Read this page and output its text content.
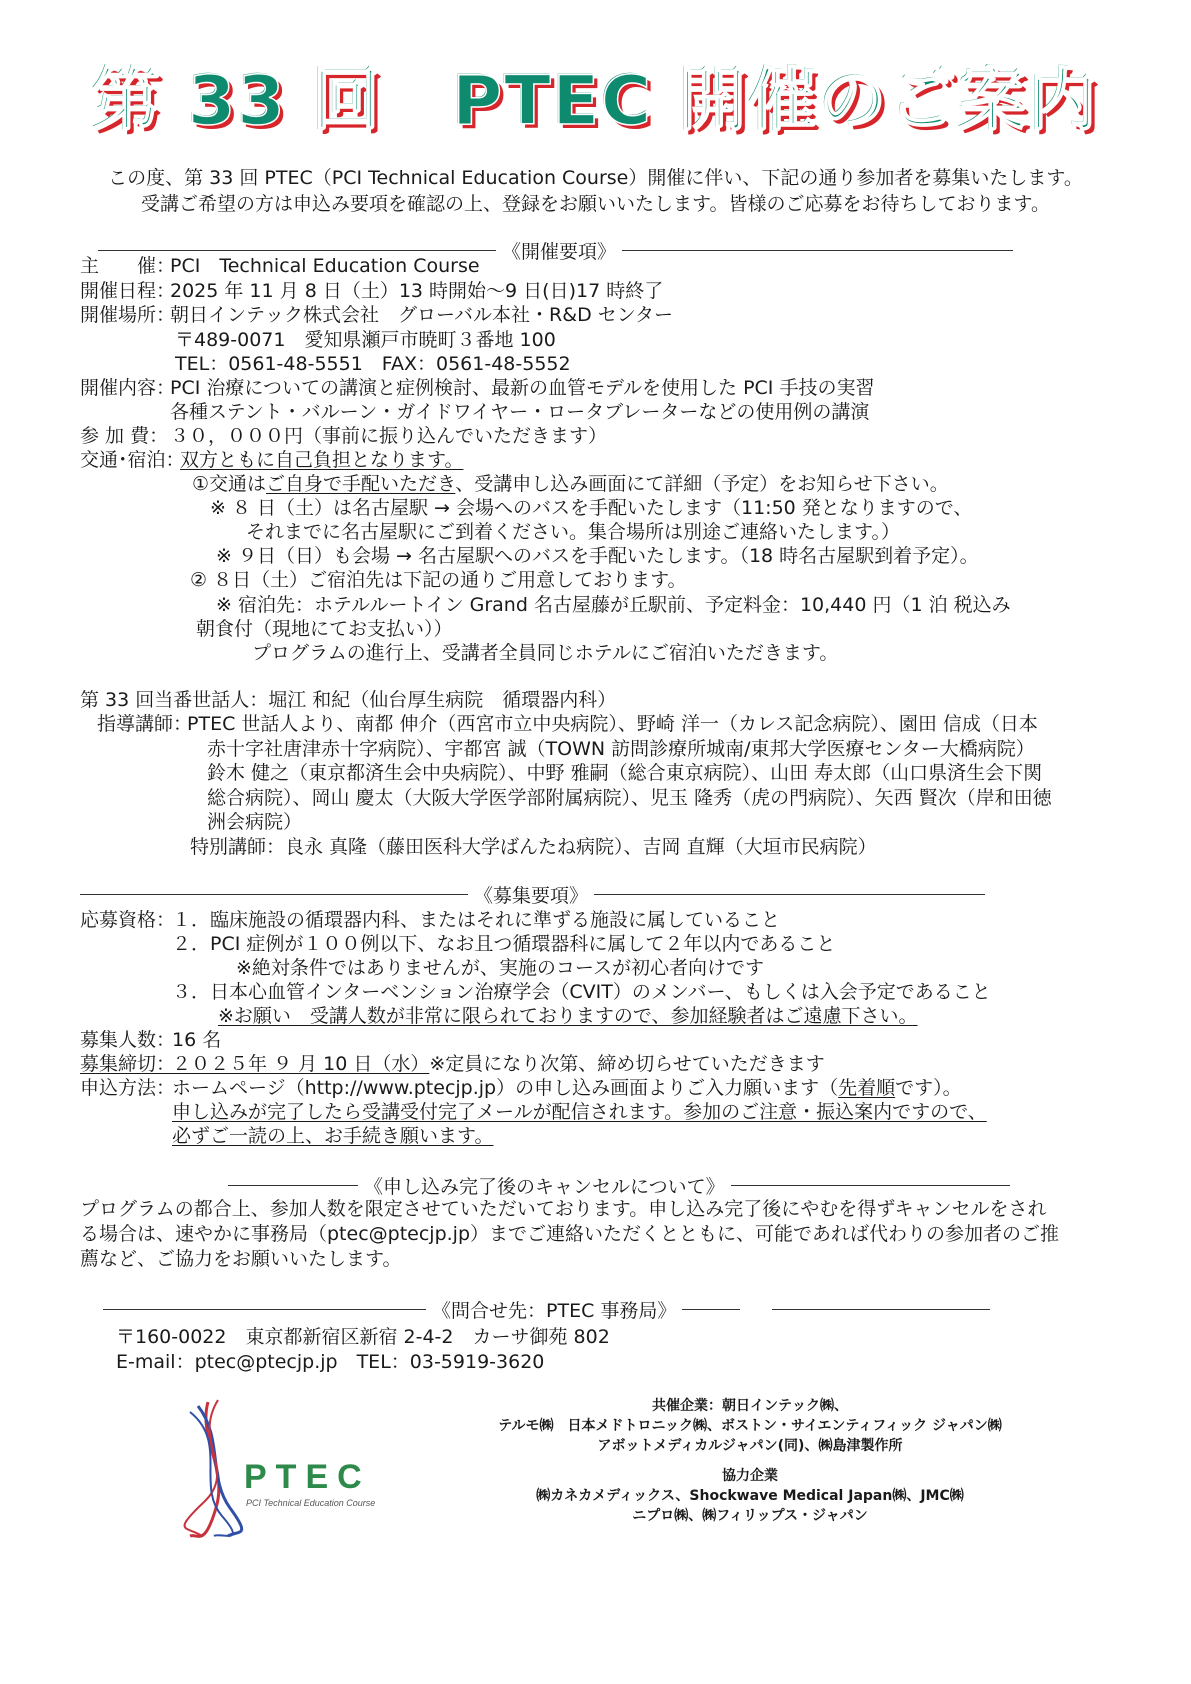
第 33 回　PTEC 開催のご案内
この度、第 33 回 PTEC（PCI Technical Education Course）開催に伴い、下記の通り参加者を募集いたします。
受講ご希望の方は申込み要項を確認の上、登録をお願いいたします。皆様のご応募をお待ちしております。
《開催要項》
主　　催：
PCI　Technical Education Course
開催日程：
2025 年 11 月 8 日（土）13 時開始～9 日(日)17 時終了
開催場所：
朝日インテック株式会社　グローバル本社・R&D センター
〒489-0071　愛知県瀬戸市暁町３番地 100
TEL：0561-48-5551　FAX：0561-48-5552
開催内容：
PCI 治療についての講演と症例検討、最新の血管モデルを使用した PCI 手技の実習
各種ステント・バルーン・ガイドワイヤー・ロータブレーターなどの使用例の講演
参 加 費： ３０，０００円（事前に振り込んでいただきます）
交通･宿泊：
双方ともに自己負担となります。
①交通はご自身で手配いただき、受講申し込み画面にて詳細（予定）をお知らせ下さい。
※ ８ 日（土）は名古屋駅 → 会場へのバスを手配いたします（11:50 発となりますので、
それまでに名古屋駅にご到着ください。集合場所は別途ご連絡いたします。）
※ ９日（日）も会場 → 名古屋駅へのバスを手配いたします。（18 時名古屋駅到着予定）。
② ８日（土）ご宿泊先は下記の通りご用意しております。
※ 宿泊先：ホテルルートイン Grand 名古屋藤が丘駅前、予定料金：10,440 円（1 泊 税込み
朝食付（現地にてお支払い））
プログラムの進行上、受講者全員同じホテルにご宿泊いただきます。
第 33 回当番世話人：堀江 和紀（仙台厚生病院　循環器内科）
指導講師：
PTEC 世話人より、南都 伸介（西宮市立中央病院）、野崎 洋一（カレス記念病院）、園田 信成（日本
赤十字社唐津赤十字病院）、宇都宮 誠（TOWN 訪問診療所城南/東邦大学医療センター大橋病院）
鈴木 健之（東京都済生会中央病院）、中野 雅嗣（総合東京病院）、山田 寿太郎（山口県済生会下関
総合病院）、岡山 慶太（大阪大学医学部附属病院）、児玉 隆秀（虎の門病院）、矢西 賢次（岸和田徳
洲会病院）
特別講師：良永 真隆（藤田医科大学ばんたね病院）、吉岡 直輝（大垣市民病院）
《募集要項》
応募資格：
１．臨床施設の循環器内科、またはそれに準ずる施設に属していること
２．PCI 症例が１００例以下、なお且つ循環器科に属して２年以内であること
※絶対条件ではありませんが、実施のコースが初心者向けです
３．日本心血管インターベンション治療学会（CVIT）のメンバー、もしくは入会予定であること
※お願い　受講人数が非常に限られておりますので、参加経験者はご遠慮下さい。
募集人数：
16 名
募集締切：
２０２５年 ９ 月 10 日（水）※定員になり次第、締め切らせていただきます
申込方法：
ホームページ（http://www.ptecjp.jp）の申し込み画面よりご入力願います（先着順です）。
申し込みが完了したら受講受付完了メールが配信されます。参加のご注意・振込案内ですので、
必ずご一読の上、お手続き願います。
《申し込み完了後のキャンセルについて》
プログラムの都合上、参加人数を限定させていただいております。申し込み完了後にやむを得ずキャンセルをされ
る場合は、速やかに事務局（ptec@ptecjp.jp）までご連絡いただくとともに、可能であれば代わりの参加者のご推
薦など、ご協力をお願いいたします。
《問合せ先：PTEC 事務局》
〒160-0022　東京都新宿区新宿 2-4-2　カーサ御苑 802
E-mail：ptec@ptecjp.jp　TEL：03-5919-3620
PTEC
PCI Technical Education Course
共催企業：朝日インテック㈱、
テルモ㈱　日本メドトロニック㈱、ボストン・サイエンティフィック ジャパン㈱
アボットメディカルジャパン(同)、㈱島津製作所
協力企業
㈱カネカメディックス、Shockwave Medical Japan㈱、JMC㈱
ニプロ㈱、㈱フィリップス・ジャパン
